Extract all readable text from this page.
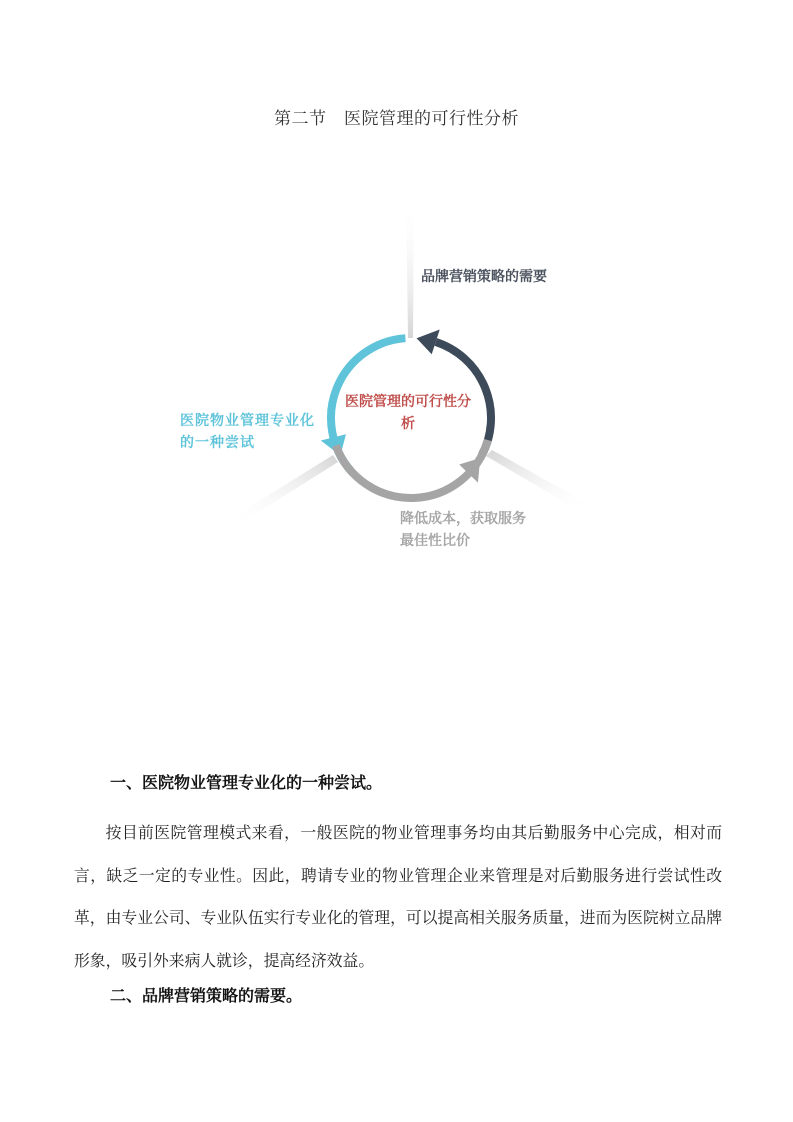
第二节　医院管理的可行性分析
品牌营销策略的需要
医院物业管理专业化的一种尝试
降低成本，获取服务最佳性比价
医院管理的可行性分析
一、医院物业管理专业化的一种尝试。
按目前医院管理模式来看，一般医院的物业管理事务均由其后勤服务中心完成，相对而言，缺乏一定的专业性。因此，聘请专业的物业管理企业来管理是对后勤服务进行尝试性改革，由专业公司、专业队伍实行专业化的管理，可以提高相关服务质量，进而为医院树立品牌形象，吸引外来病人就诊，提高经济效益。
二、品牌营销策略的需要。
